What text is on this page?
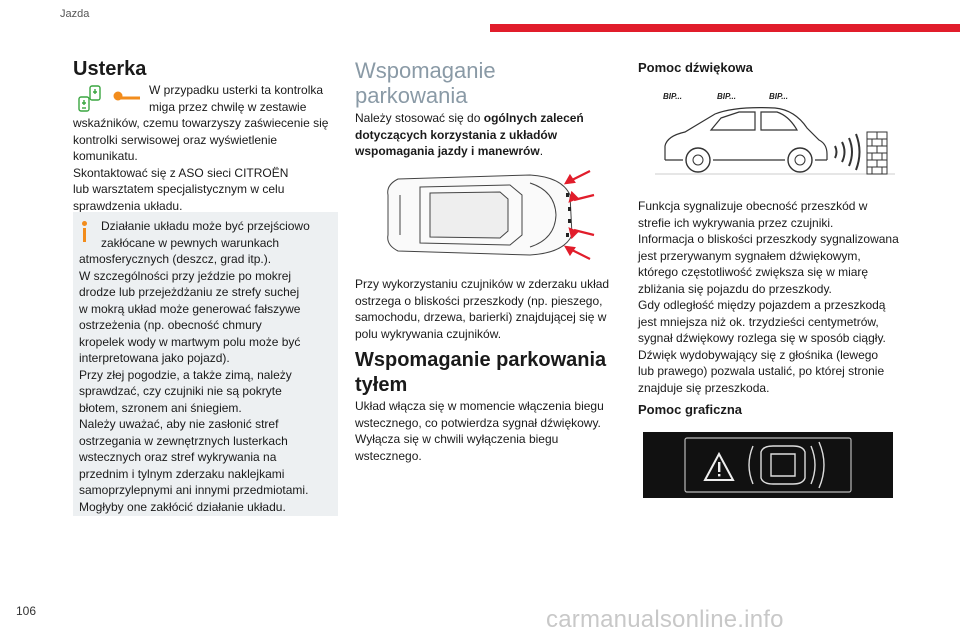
Jazda
Usterka

W przypadku usterki ta kontrolka

miga przez chwilę w zestawie

wskaźników, czemu towarzyszy zaświecenie się

kontrolki serwisowej oraz wyświetlenie

komunikatu.

Skontaktować się z ASO sieci CITROËN

lub warsztatem specjalistycznym w celu

sprawdzenia układu.

Działanie układu może być przejściowo

zakłócane w pewnych warunkach

atmosferycznych (deszcz, grad itp.).

W szczególności przy jeździe po mokrej

drodze lub przejeżdżaniu ze strefy suchej

w mokrą układ może generować fałszywe

ostrzeżenia (np. obecność chmury

kropelek wody w martwym polu może być

interpretowana jako pojazd).

Przy złej pogodzie, a także zimą, należy

sprawdzać, czy czujniki nie są pokryte

błotem, szronem ani śniegiem.

Należy uważać, aby nie zasłonić stref

ostrzegania w zewnętrznych lusterkach

wstecznych oraz stref wykrywania na

przednim i tylnym zderzaku naklejkami

samoprzylepnymi ani innymi przedmiotami.

Mogłyby one zakłócić działanie układu.

Wspomaganie
parkowania

Należy stosować się do ogólnych zaleceń

dotyczących korzystania z układów

wspomagania jazdy i manewrów.

Przy wykorzystaniu czujników w zderzaku układ

ostrzega o bliskości przeszkody (np. pieszego,

samochodu, drzewa, barierki) znajdującej się w

polu wykrywania czujników.

Wspomaganie parkowania
tyłem

Układ włącza się w momencie włączenia biegu

wstecznego, co potwierdza sygnał dźwiękowy.

Wyłącza się w chwili wyłączenia biegu

wstecznego.

Pomoc dźwiękowa
BIP...	BIP...	BIP...

Funkcja sygnalizuje obecność przeszkód w

strefie ich wykrywania przez czujniki.

Informacja o bliskości przeszkody sygnalizowana

jest przerywanym sygnałem dźwiękowym,

którego częstotliwość zwiększa się w miarę

zbliżania się pojazdu do przeszkody.

Gdy odległość między pojazdem a przeszkodą

jest mniejsza niż ok. trzydzieści centymetrów,

sygnał dźwiękowy rozlega się w sposób ciągły.

Dźwięk wydobywający się z głośnika (lewego

lub prawego) pozwala ustalić, po której stronie

znajduje się przeszkoda.

Pomoc graficzna
106	carmanualsonline.info
